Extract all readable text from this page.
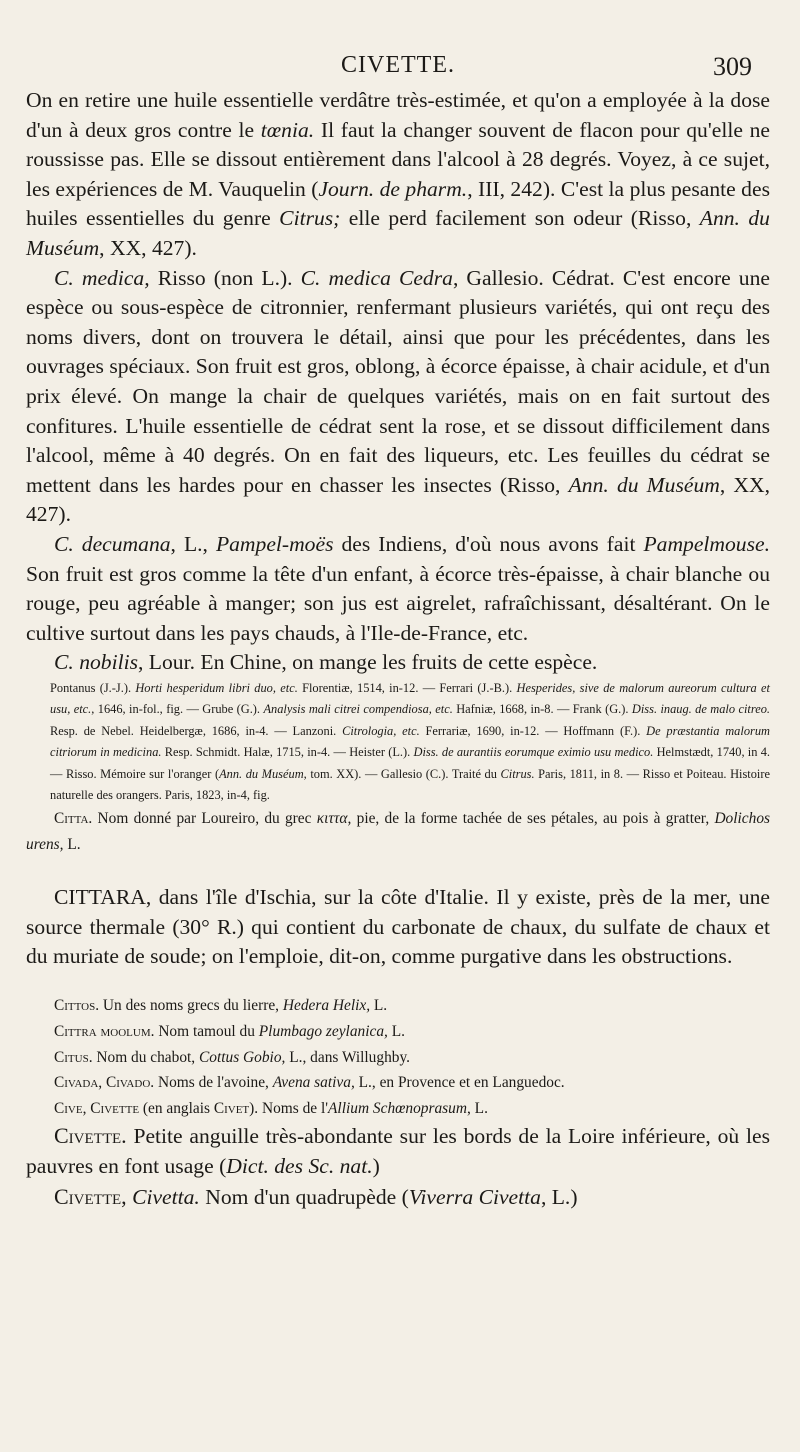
CIVETTE.	309

On en retire une huile essentielle verdâtre très-estimée, et qu'on a employée à la dose d'un à deux gros contre le tœnia. Il faut la changer souvent de flacon pour qu'elle ne roussisse pas. Elle se dissout entièrement dans l'alcool à 28 degrés. Voyez, à ce sujet, les expériences de M. Vauquelin (Journ. de pharm., III, 242). C'est la plus pesante des huiles essentielles du genre Citrus; elle perd facilement son odeur (Risso, Ann. du Muséum, XX, 427).

C. medica, Risso (non L.). C. medica Cedra, Gallesio. Cédrat. C'est encore une espèce ou sous-espèce de citronnier, renfermant plusieurs variétés, qui ont reçu des noms divers, dont on trouvera le détail, ainsi que pour les précédentes, dans les ouvrages spéciaux. Son fruit est gros, oblong, à écorce épaisse, à chair acidule, et d'un prix élevé. On mange la chair de quelques variétés, mais on en fait surtout des confitures. L'huile essentielle de cédrat sent la rose, et se dissout difficilement dans l'alcool, même à 40 degrés. On en fait des liqueurs, etc. Les feuilles du cédrat se mettent dans les hardes pour en chasser les insectes (Risso, Ann. du Muséum, XX, 427).

C. decumana, L., Pampel-moës des Indiens, d'où nous avons fait Pampelmouse. Son fruit est gros comme la tête d'un enfant, à écorce très-épaisse, à chair blanche ou rouge, peu agréable à manger; son jus est aigrelet, rafraîchissant, désaltérant. On le cultive surtout dans les pays chauds, à l'Ile-de-France, etc.

C. nobilis, Lour. En Chine, on mange les fruits de cette espèce.

Pontanus (J.-J.). Horti hesperidum libri duo, etc. Florentiæ, 1514, in-12. — Ferrari (J.-B.). Hesperides, sive de malorum aureorum cultura et usu, etc., 1646, in-fol., fig. — Grube (G.). Analysis mali citrei compendiosa, etc. Hafniæ, 1668, in-8. — Frank (G.). Diss. inaug. de malo citreo. Resp. de Nebel. Heidelbergæ, 1686, in-4. — Lanzoni. Citrologia, etc. Ferrariæ, 1690, in-12. — Hoffmann (F.). De præstantia malorum citriorum in medicina. Resp. Schmidt. Halæ, 1715, in-4. — Heister (L.). Diss. de aurantiis eorumque eximio usu medico. Helmstædt, 1740, in 4. — Risso. Mémoire sur l'oranger (Ann. du Muséum, tom. XX). — Gallesio (C.). Traité du Citrus. Paris, 1811, in 8. — Risso et Poiteau. Histoire naturelle des orangers. Paris, 1823, in-4, fig.

Citta. Nom donné par Loureiro, du grec κιττα, pie, de la forme tachée de ses pétales, au pois à gratter, Dolichos urens, L.

CITTARA, dans l'île d'Ischia, sur la côte d'Italie. Il y existe, près de la mer, une source thermale (30° R.) qui contient du carbonate de chaux, du sulfate de chaux et du muriate de soude; on l'emploie, dit-on, comme purgative dans les obstructions.

Cittos. Un des noms grecs du lierre, Hedera Helix, L.

Cittra moolum. Nom tamoul du Plumbago zeylanica, L.

Citus. Nom du chabot, Cottus Gobio, L., dans Willughby.

Civada, Civado. Noms de l'avoine, Avena sativa, L., en Provence et en Languedoc.

Cive, Civette (en anglais Civet). Noms de l'Allium Schœnoprasum, L.

Civette. Petite anguille très-abondante sur les bords de la Loire inférieure, où les pauvres en font usage (Dict. des Sc. nat.)

Civette, Civetta. Nom d'un quadrupède (Viverra Civetta, L.)
